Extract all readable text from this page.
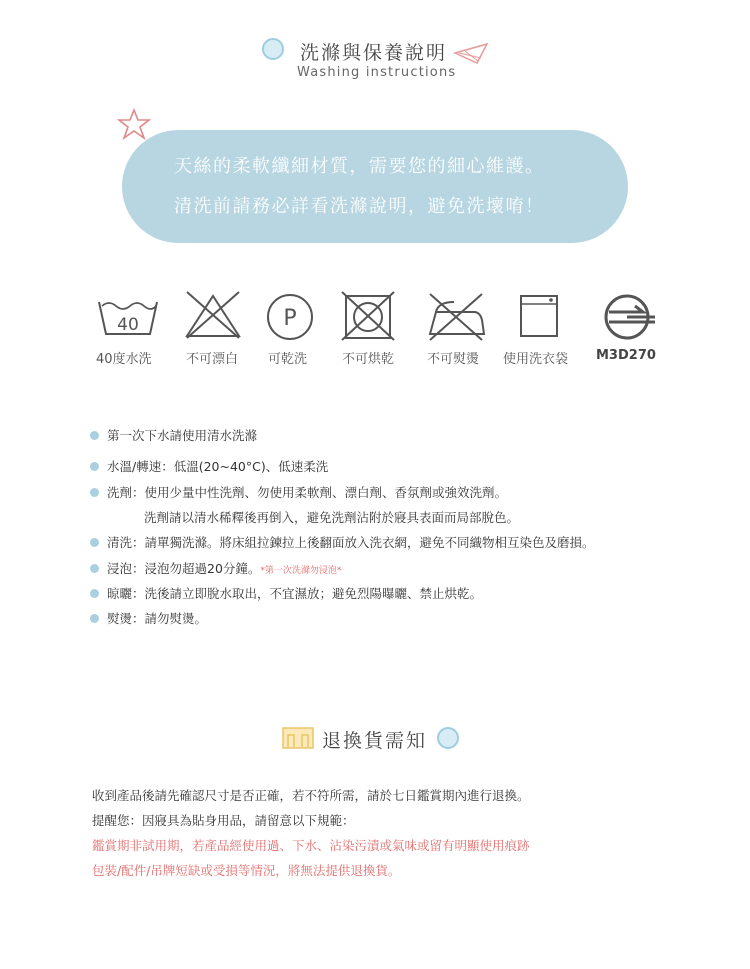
洗滌與保養說明
Washing instructions
天絲的柔軟纖細材質，需要您的細心維護。
清洗前請務必詳看洗滌說明，避免洗壞唷！
40	P
40度水洗	不可漂白 可乾洗	不可烘乾	不可熨燙 使用洗衣袋 M3D270
第一次下水請使用清水洗滌
水溫/轉速：低溫(20~40°C)、低速柔洗
洗劑：使用少量中性洗劑、勿使用柔軟劑、漂白劑、香氛劑或強效洗劑。
洗劑請以清水稀釋後再倒入，避免洗劑沾附於寢具表面而局部脫色。
清洗：請單獨洗滌。將床組拉鍊拉上後翻面放入洗衣網，避免不同織物相互染色及磨損。
浸泡：浸泡勿超過20分鐘。*第一次洗滌勿浸泡*
晾曬：洗後請立即脫水取出，不宜濕放；避免烈陽曝曬、禁止烘乾。
熨燙：請勿熨燙。
退換貨需知
收到產品後請先確認尺寸是否正確，若不符所需，請於七日鑑賞期內進行退換。
提醒您：因寢具為貼身用品，請留意以下規範：
鑑賞期非試用期，若產品經使用過、下水、沾染污漬或氣味或留有明顯使用痕跡
包裝/配件/吊牌短缺或受損等情況，將無法提供退換貨。
